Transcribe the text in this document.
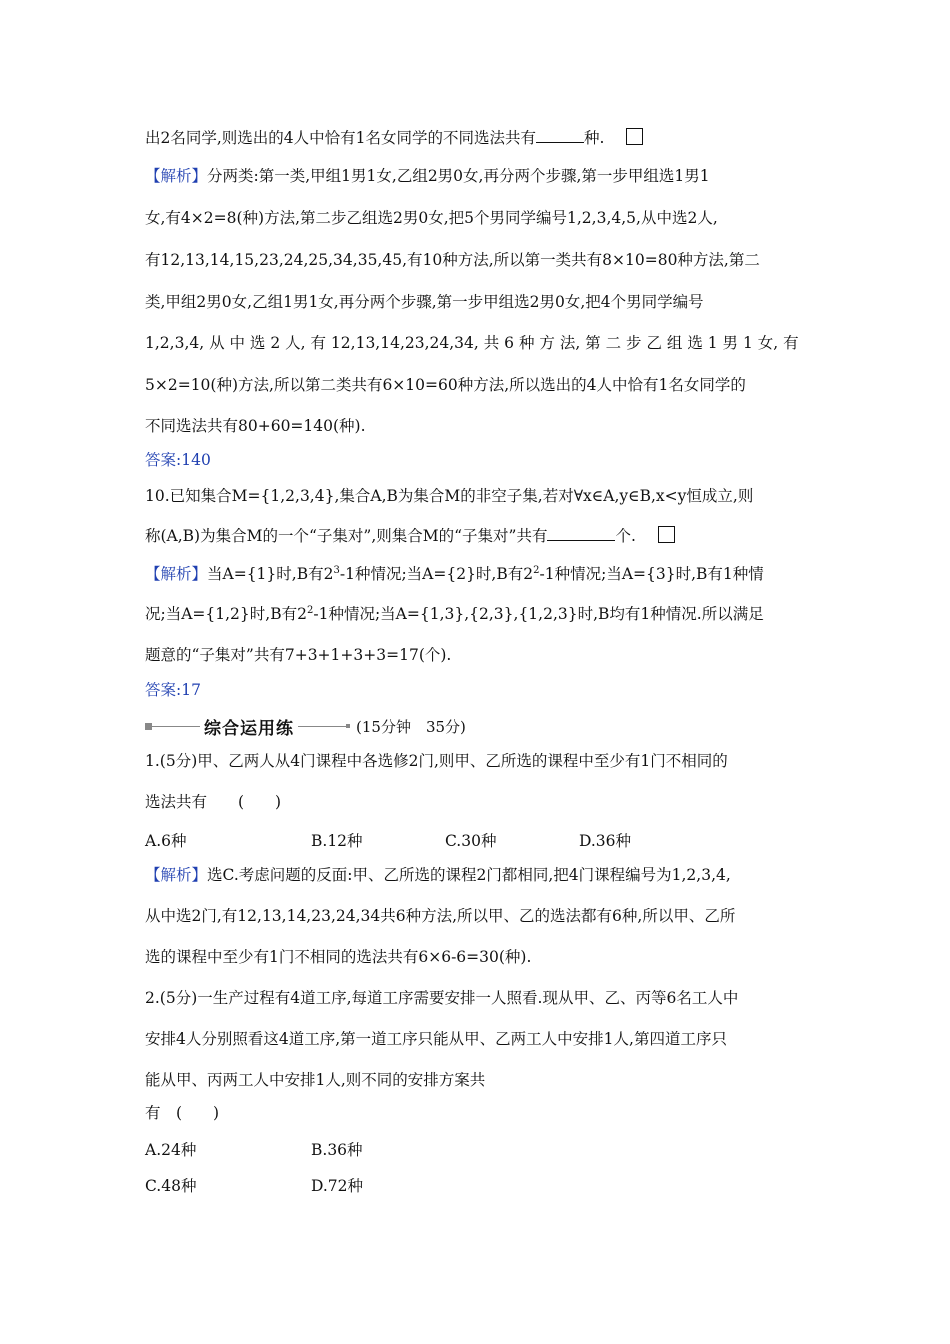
出2名同学,则选出的4人中恰有1名女同学的不同选法共有	种.
【解析】分两类:第一类,甲组1男1女,乙组2男0女,再分两个步骤,第一步甲组选1男1
女,有4×2=8(种)方法,第二步乙组选2男0女,把5个男同学编号1,2,3,4,5,从中选2人,
有12,13,14,15,23,24,25,34,35,45,有10种方法,所以第一类共有8×10=80种方法,第二
类,甲组2男0女,乙组1男1女,再分两个步骤,第一步甲组选2男0女,把4个男同学编号
1,2,3,4, 从 中 选 2 人, 有 12,13,14,23,24,34, 共 6 种 方 法, 第 二 步 乙 组 选 1 男 1 女, 有
5×2=10(种)方法,所以第二类共有6×10=60种方法,所以选出的4人中恰有1名女同学的
不同选法共有80+60=140(种).
答案:140
10.已知集合M={1,2,3,4},集合A,B为集合M的非空子集,若对∀x∈A,y∈B,x<y恒成立,则
称(A,B)为集合M的一个“子集对”,则集合M的“子集对”共有	个.
【解析】当A={1}时,B有$2^3-1$种情况;当A={2}时,B有$2^2-1$种情况;当A={3}时,B有1种情
况;当A={1,2}时,B有$2^2-1$种情况;当A={1,3},{2,3},{1,2,3}时,B均有1种情况.所以满足
题意的“子集对”共有7+3+1+3+3=17(个).
答案:17
综合运用练	(15分钟　35分)
1.(5分)甲、乙两人从4门课程中各选修2门,则甲、乙所选的课程中至少有1门不相同的
选法共有　　(　　)
A.6种	B.12种	C.30种	D.36种
【解析】选C.考虑问题的反面:甲、乙所选的课程2门都相同,把4门课程编号为1,2,3,4,
从中选2门,有12,13,14,23,24,34共6种方法,所以甲、乙的选法都有6种,所以甲、乙所
选的课程中至少有1门不相同的选法共有6×6-6=30(种).
2.(5分)一生产过程有4道工序,每道工序需要安排一人照看.现从甲、乙、丙等6名工人中
安排4人分别照看这4道工序,第一道工序只能从甲、乙两工人中安排1人,第四道工序只
能从甲、丙两工人中安排1人,则不同的安排方案共
有　(　　)
A.24种	B.36种
C.48种	D.72种
